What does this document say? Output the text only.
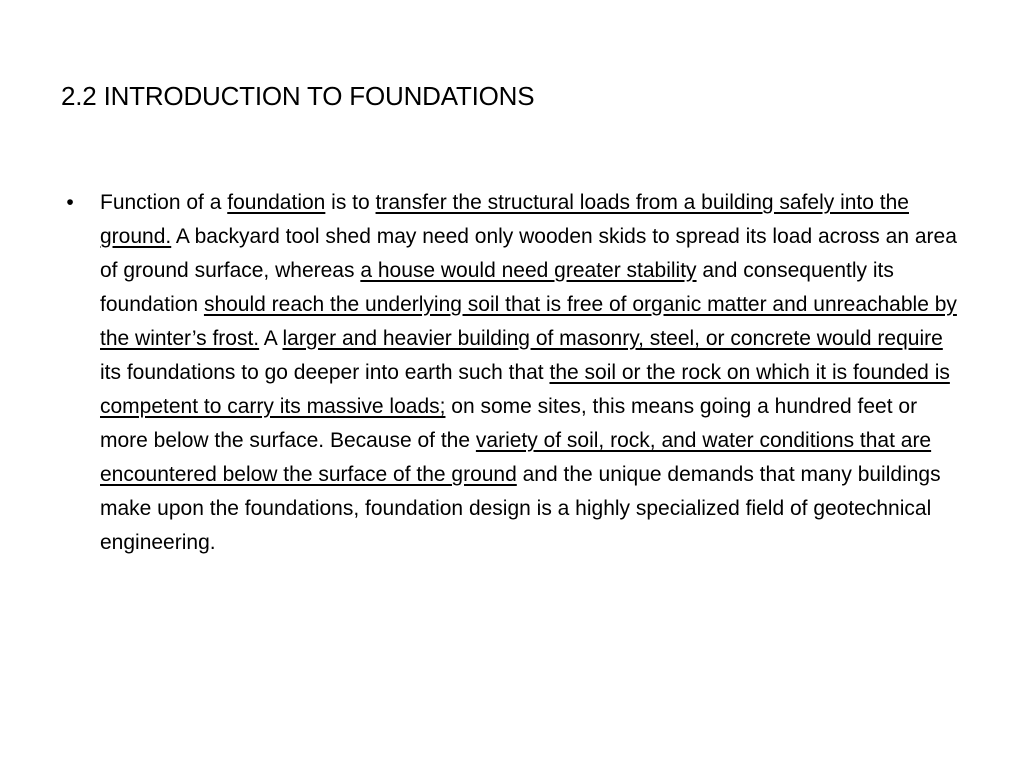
2.2 INTRODUCTION TO FOUNDATIONS
•	Function of a foundation is to transfer the structural loads from a building safely into the ground. A backyard tool shed may need only wooden skids to spread its load across an area of ground surface, whereas a house would need greater stability and consequently its foundation should reach the underlying soil that is free of organic matter and unreachable by the winter’s frost. A larger and heavier building of masonry, steel, or concrete would require its foundations to go deeper into earth such that the soil or the rock on which it is founded is competent to carry its massive loads; on some sites, this means going a hundred feet or more below the surface. Because of the variety of soil, rock, and water conditions that are encountered below the surface of the ground and the unique demands that many buildings make upon the foundations, foundation design is a highly specialized field of geotechnical engineering.
